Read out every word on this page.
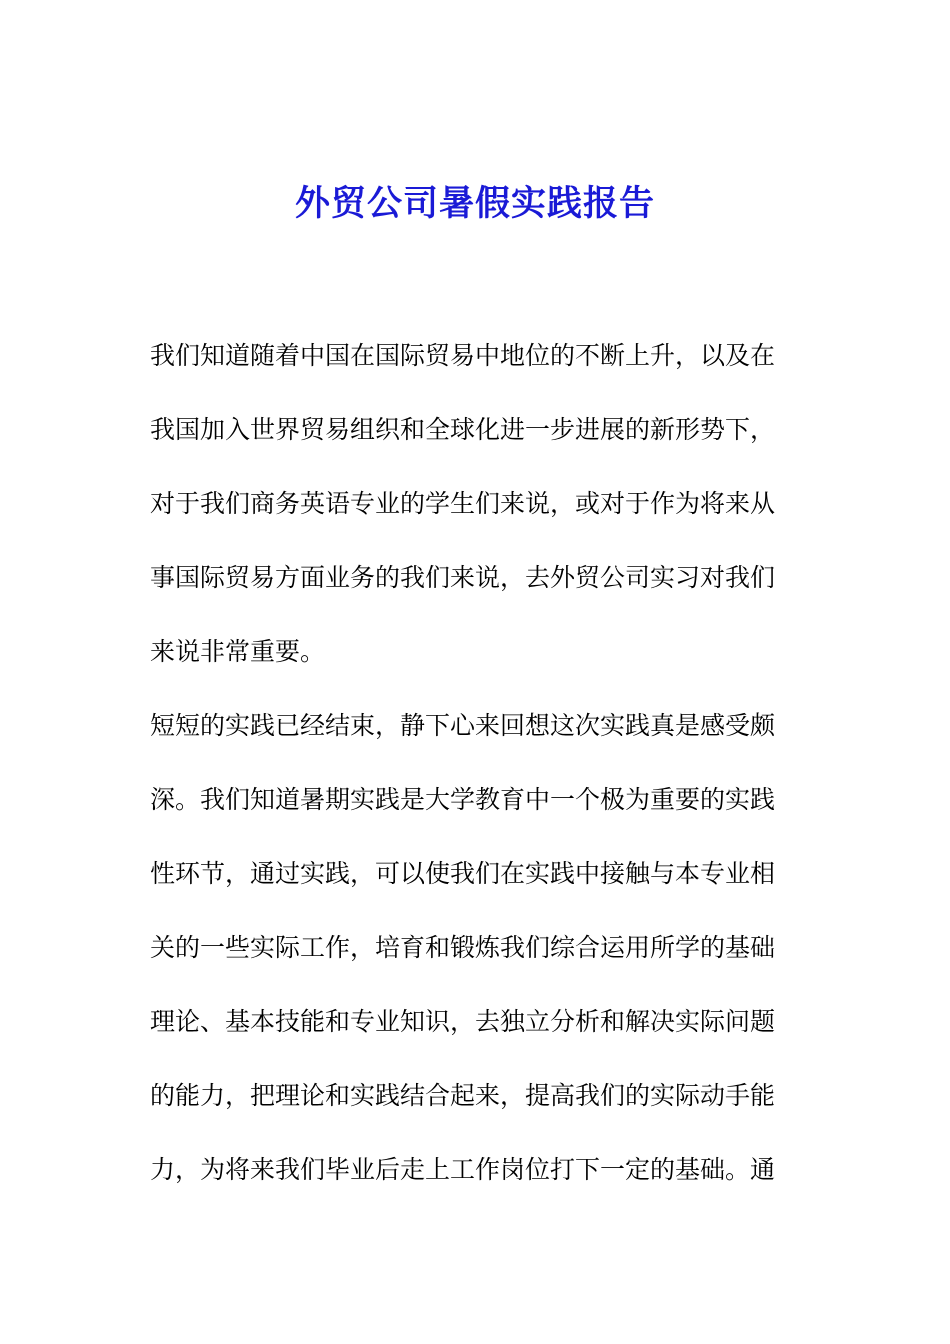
外贸公司暑假实践报告
我们知道随着中国在国际贸易中地位的不断上升，以及在
我国加入世界贸易组织和全球化进一步进展的新形势下，
对于我们商务英语专业的学生们来说，或对于作为将来从
事国际贸易方面业务的我们来说，去外贸公司实习对我们
来说非常重要。
短短的实践已经结束，静下心来回想这次实践真是感受颇
深。我们知道暑期实践是大学教育中一个极为重要的实践
性环节，通过实践，可以使我们在实践中接触与本专业相
关的一些实际工作，培育和锻炼我们综合运用所学的基础
理论、基本技能和专业知识，去独立分析和解决实际问题
的能力，把理论和实践结合起来，提高我们的实际动手能
力，为将来我们毕业后走上工作岗位打下一定的基础。通
